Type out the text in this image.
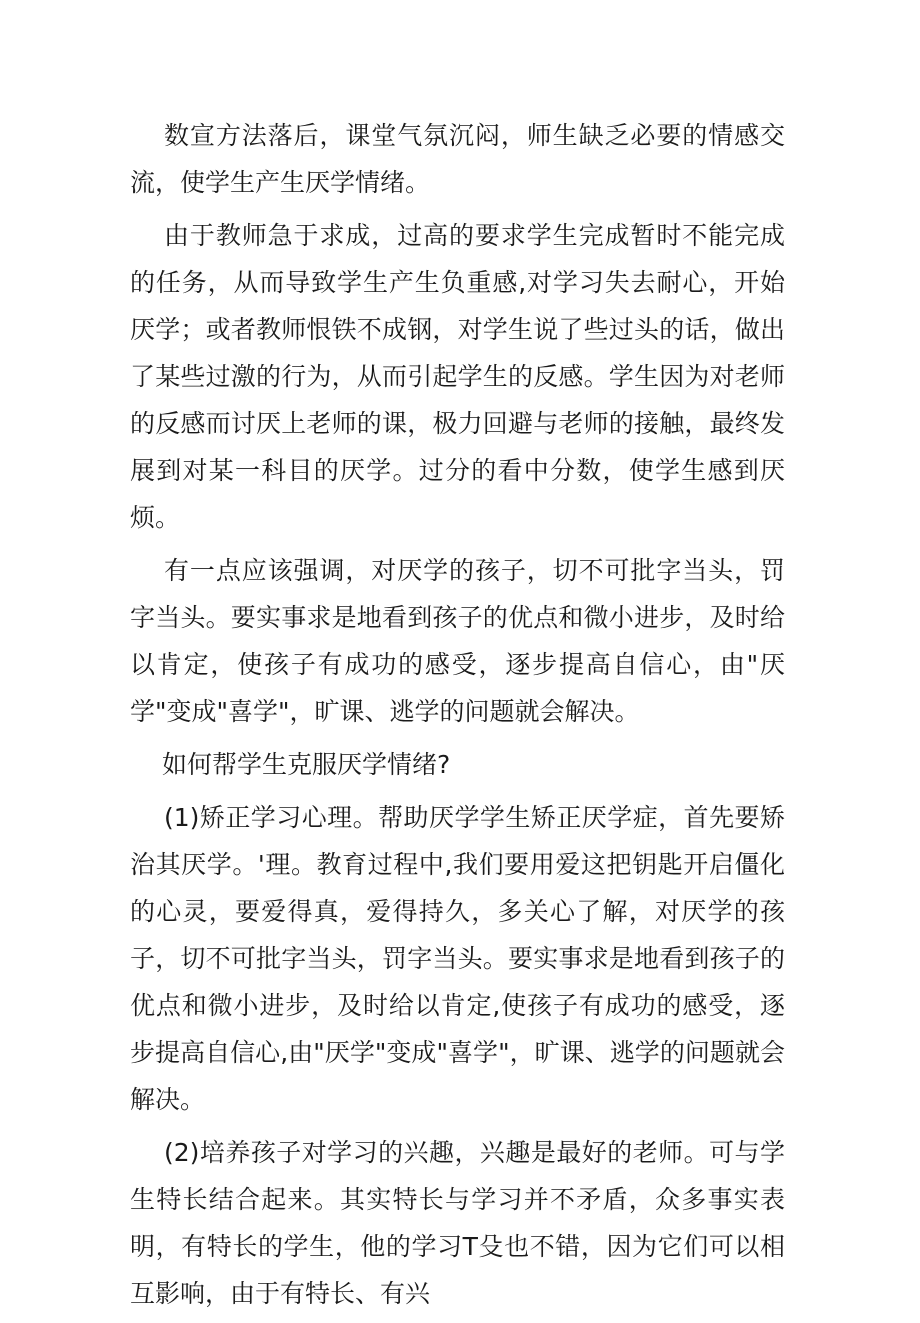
数宣方法落后，课堂气氛沉闷，师生缺乏必要的情感交流，使学生产生厌学情绪。

由于教师急于求成，过高的要求学生完成暂时不能完成的任务，从而导致学生产生负重感,对学习失去耐心，开始厌学；或者教师恨铁不成钢，对学生说了些过头的话，做出了某些过激的行为，从而引起学生的反感。学生因为对老师的反感而讨厌上老师的课，极力回避与老师的接触，最终发展到对某一科目的厌学。过分的看中分数，使学生感到厌烦。

有一点应该强调，对厌学的孩子，切不可批字当头，罚字当头。要实事求是地看到孩子的优点和微小进步，及时给以肯定，使孩子有成功的感受，逐步提高自信心，由"厌学"变成"喜学"，旷课、逃学的问题就会解决。

如何帮学生克服厌学情绪?

(1)矫正学习心理。帮助厌学学生矫正厌学症，首先要矫治其厌学。'理。教育过程中,我们要用爱这把钥匙开启僵化的心灵，要爱得真，爱得持久，多关心了解，对厌学的孩子，切不可批字当头，罚字当头。要实事求是地看到孩子的优点和微小进步，及时给以肯定,使孩子有成功的感受，逐步提高自信心,由"厌学"变成"喜学"，旷课、逃学的问题就会解决。

(2)培养孩子对学习的兴趣，兴趣是最好的老师。可与学生特长结合起来。其实特长与学习并不矛盾，众多事实表明，有特长的学生，他的学习T殳也不错，因为它们可以相互影响，由于有特长、有兴
